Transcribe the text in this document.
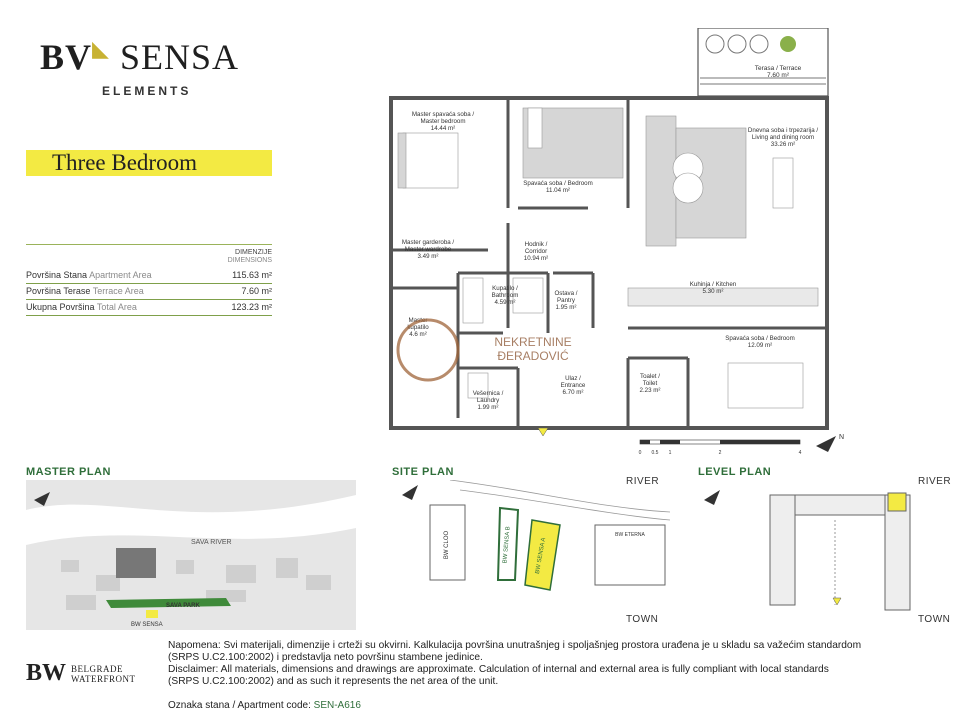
BV◣ SENSA
ELEMENTS
Three Bedroom
DIMENZIJE
DIMENSIONS
Površina Stana Apartment Area	115.63 m²
Površina Terase Terrace Area	7.60 m²
Ukupna Površina Total Area	123.23 m²
Terasa / Terrace
7.60 m²
Dnevna soba i trpezarija /
Living and dining room
33.26 m²
Master spavaća soba /
Master bedroom
14.44 m²
Spavaća soba / Bedroom
11.04 m²
Master garderoba /
Master wardrobe
3.49 m²
Hodnik /
Corridor
10.94 m²
Kupatilo /
Bathroom
4.59 m²
Ostava /
Pantry
1.95 m²
Kuhinja / Kitchen
5.30 m²
Spavaća soba / Bedroom
12.09 m²
Master
kupatilo
4.6 m²
Ulaz /
Entrance
6.70 m²
Toalet /
Toilet
2.23 m²
Vešernica /
Laundry
1.99 m²
NEKRETNINE
ĐERADOVIĆ
0 0.5 1	2	4
N
MASTER PLAN
SAVA RIVER
SAVA PARK
BW SENSA
SITE PLAN
RIVER
TOWN
BW CLOO	BW SENSA B	BW SENSA A
BW ETERNA
LEVEL PLAN
RIVER
TOWN
BW BELGRADE
WATERFRONT
Napomena: Svi materijali, dimenzije i crteži su okvirni. Kalkulacija površina unutrašnjeg i spoljašnjeg prostora urađena je u skladu sa važećim standardom
(SRPS U.C2.100:2002) i predstavlja neto površinu stambene jedinice.
Disclaimer: All materials, dimensions and drawings are approximate. Calculation of internal and external area is fully compliant with local standards
(SRPS U.C2.100:2002) and as such it represents the net area of the unit.
Oznaka stana / Apartment code: SEN-A616
